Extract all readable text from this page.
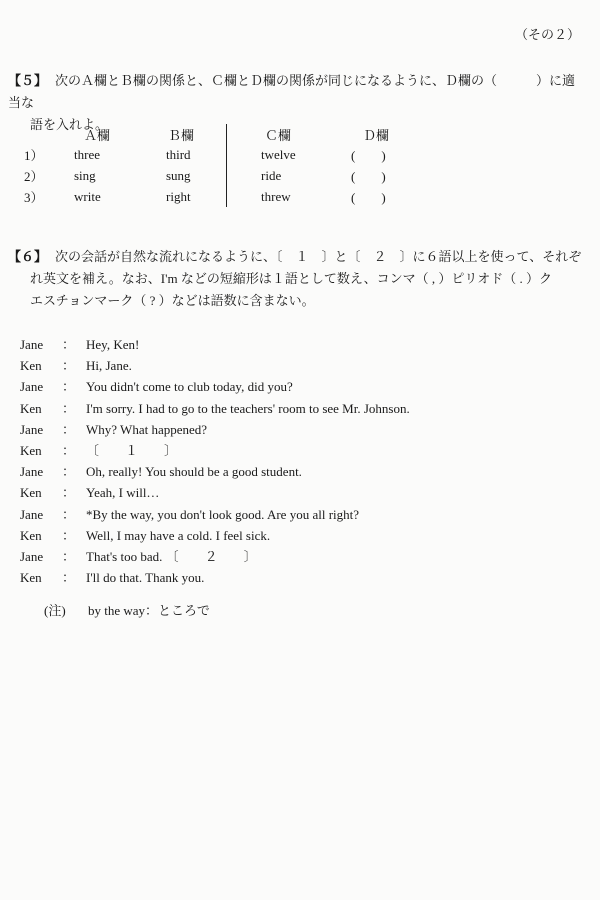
（その２）
【５】 次のＡ欄とＢ欄の関係と、Ｃ欄とＤ欄の関係が同じになるように、Ｄ欄の（　　　）に適当な
語を入れよ。
	Ａ欄	Ｂ欄		Ｃ欄	Ｄ欄
1）	three	third		twelve	(　　)
2）	sing	sung		ride	(　　)
3）	write	right		threw	(　　)
【６】 次の会話が自然な流れになるように、〔　１　〕と〔　２　〕に６語以上を使って、それぞ
れ英文を補え。なお、I'm などの短縮形は１語として数え、コンマ（ , ）ピリオド（ . ）ク
エスチョンマーク（ ? ）などは語数に含まない。
Jane ： Hey, Ken!
Ken ： Hi, Jane.
Jane ： You didn't come to club today, did you?
Ken ： I'm sorry. I had to go to the teachers' room to see Mr. Johnson.
Jane ： Why? What happened?
Ken ： 〔　　１　　〕
Jane ： Oh, really! You should be a good student.
Ken ： Yeah, I will…
Jane ： *By the way, you don't look good. Are you all right?
Ken ： Well, I may have a cold. I feel sick.
Jane ： That's too bad. 〔　　２　　〕
Ken ： I'll do that. Thank you.
(注) by the way：ところで
